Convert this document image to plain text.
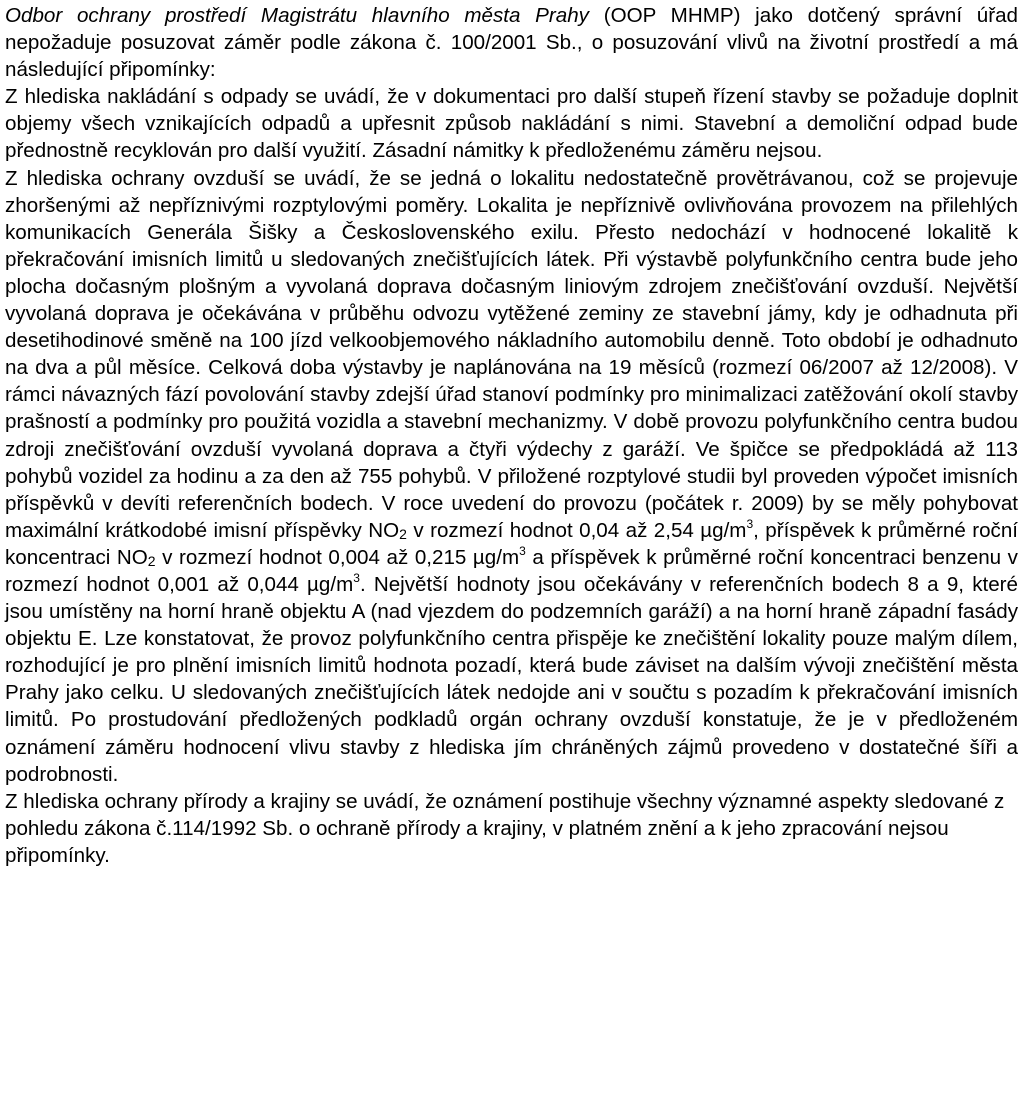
Odbor ochrany prostředí Magistrátu hlavního města Prahy (OOP MHMP) jako dotčený správní úřad nepožaduje posuzovat záměr podle zákona č. 100/2001 Sb., o posuzování vlivů na životní prostředí a má následující připomínky:

Z hlediska nakládání s odpady se uvádí, že v dokumentaci pro další stupeň řízení stavby se požaduje doplnit objemy všech vznikajících odpadů a upřesnit způsob nakládání s nimi. Stavební a demoliční odpad bude přednostně recyklován pro další využití. Zásadní námitky k předloženému záměru nejsou.

Z hlediska ochrany ovzduší se uvádí, že se jedná o lokalitu nedostatečně provětrávanou, což se projevuje zhoršenými až nepříznivými rozptylovými poměry. Lokalita je nepříznivě ovlivňována provozem na přilehlých komunikacích Generála Šišky a Československého exilu. Přesto nedochází v hodnocené lokalitě k překračování imisních limitů u sledovaných znečišťujících látek. Při výstavbě polyfunkčního centra bude jeho plocha dočasným plošným a vyvolaná doprava dočasným liniovým zdrojem znečišťování ovzduší. Největší vyvolaná doprava je očekávána v průběhu odvozu vytěžené zeminy ze stavební jámy, kdy je odhadnuta při desetihodinové směně na 100 jízd velkoobjemového nákladního automobilu denně. Toto období je odhadnuto na dva a půl měsíce. Celková doba výstavby je naplánována na 19 měsíců (rozmezí 06/2007 až 12/2008). V rámci návazných fází povolování stavby zdejší úřad stanoví podmínky pro minimalizaci zatěžování okolí stavby prašností a podmínky pro použitá vozidla a stavební mechanizmy. V době provozu polyfunkčního centra budou zdroji znečišťování ovzduší vyvolaná doprava a čtyři výdechy z garáží. Ve špičce se předpokládá až 113 pohybů vozidel za hodinu a za den až 755 pohybů. V přiložené rozptylové studii byl proveden výpočet imisních příspěvků v devíti referenčních bodech. V roce uvedení do provozu (počátek r. 2009) by se měly pohybovat maximální krátkodobé imisní příspěvky $NO_2$ v rozmezí hodnot 0,04 až 2,54 $\mu g/m^3$, příspěvek k průměrné roční koncentraci $NO_2$ v rozmezí hodnot 0,004 až 0,215 $\mu g/m^3$ a příspěvek k průměrné roční koncentraci benzenu v rozmezí hodnot 0,001 až 0,044 $\mu g/m^3$. Největší hodnoty jsou očekávány v referenčních bodech 8 a 9, které jsou umístěny na horní hraně objektu A (nad vjezdem do podzemních garáží) a na horní hraně západní fasády objektu E. Lze konstatovat, že provoz polyfunkčního centra přispěje ke znečištění lokality pouze malým dílem, rozhodující je pro plnění imisních limitů hodnota pozadí, která bude záviset na dalším vývoji znečištění města Prahy jako celku. U sledovaných znečišťujících látek nedojde ani v součtu s pozadím k překračování imisních limitů. Po prostudování předložených podkladů orgán ochrany ovzduší konstatuje, že je v předloženém oznámení záměru hodnocení vlivu stavby z hlediska jím chráněných zájmů provedeno v dostatečné šíři a podrobnosti.

Z hlediska ochrany přírody a krajiny se uvádí, že oznámení postihuje všechny významné aspekty sledované z pohledu zákona č.114/1992 Sb. o ochraně přírody a krajiny, v platném znění a k jeho zpracování nejsou připomínky.
